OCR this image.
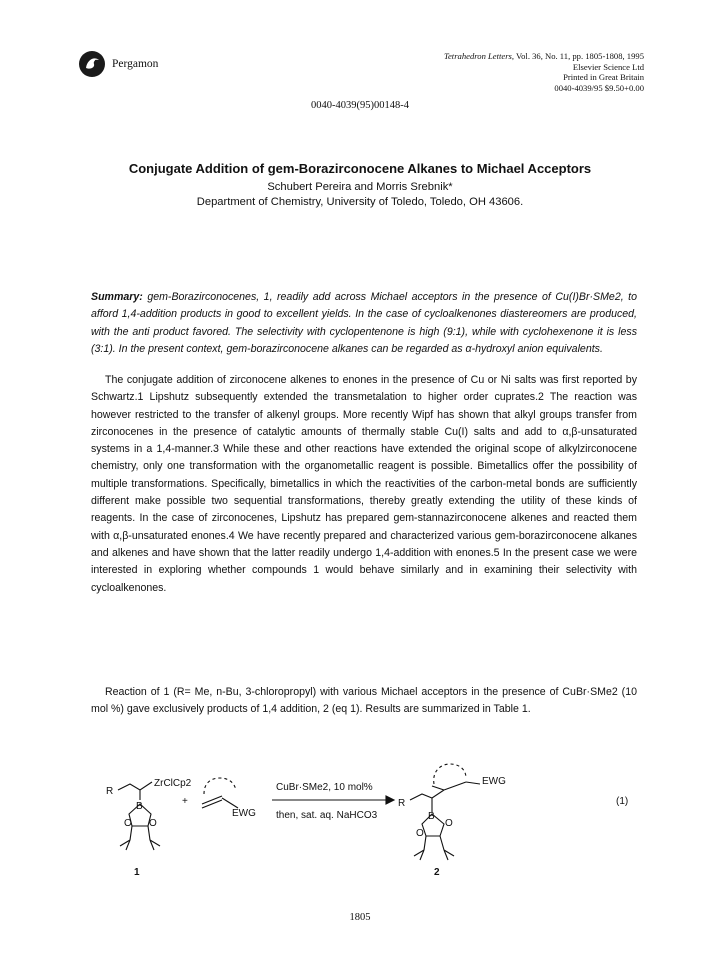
Pergamon
Tetrahedron Letters, Vol. 36, No. 11, pp. 1805-1808, 1995
Elsevier Science Ltd
Printed in Great Britain
0040-4039/95 $9.50+0.00
0040-4039(95)00148-4
Conjugate Addition of gem-Borazirconocene Alkanes to Michael Acceptors
Schubert Pereira and Morris Srebnik*
Department of Chemistry, University of Toledo, Toledo, OH 43606.
Summary: gem-Borazirconocenes, 1, readily add across Michael acceptors in the presence of Cu(I)Br·SMe2, to afford 1,4-addition products in good to excellent yields. In the case of cycloalkenones diastereomers are produced, with the anti product favored. The selectivity with cyclopentenone is high (9:1), while with cyclohexenone it is less (3:1). In the present context, gem-borazirconocene alkanes can be regarded as α-hydroxyl anion equivalents.
The conjugate addition of zirconocene alkenes to enones in the presence of Cu or Ni salts was first reported by Schwartz.1 Lipshutz subsequently extended the transmetalation to higher order cuprates.2 The reaction was however restricted to the transfer of alkenyl groups. More recently Wipf has shown that alkyl groups transfer from zirconocenes in the presence of catalytic amounts of thermally stable Cu(I) salts and add to α,β-unsaturated systems in a 1,4-manner.3 While these and other reactions have extended the original scope of alkylzirconocene chemistry, only one transformation with the organometallic reagent is possible. Bimetallics offer the possibility of multiple transformations. Specifically, bimetallics in which the reactivities of the carbon-metal bonds are sufficiently different make possible two sequential transformations, thereby greatly extending the utility of these kinds of reagents. In the case of zirconocenes, Lipshutz has prepared gem-stannazirconocene alkenes and reacted them with α,β-unsaturated enones.4 We have recently prepared and characterized various gem-borazirconocene alkanes and alkenes and have shown that the latter readily undergo 1,4-addition with enones.5 In the present case we were interested in exploring whether compounds 1 would behave similarly and in examining their selectivity with cycloalkenones.
Reaction of 1 (R= Me, n-Bu, 3-chloropropyl) with various Michael acceptors in the presence of CuBr·SMe2 (10 mol %) gave exclusively products of 1,4 addition, 2 (eq 1). Results are summarized in Table 1.
R
ZrClCp2
B
O O
+
EWG
CuBr·SMe2, 10 mol%
then, sat. aq. NaHCO3
EWG
R
B
O
O
(1)
1	2
1805
